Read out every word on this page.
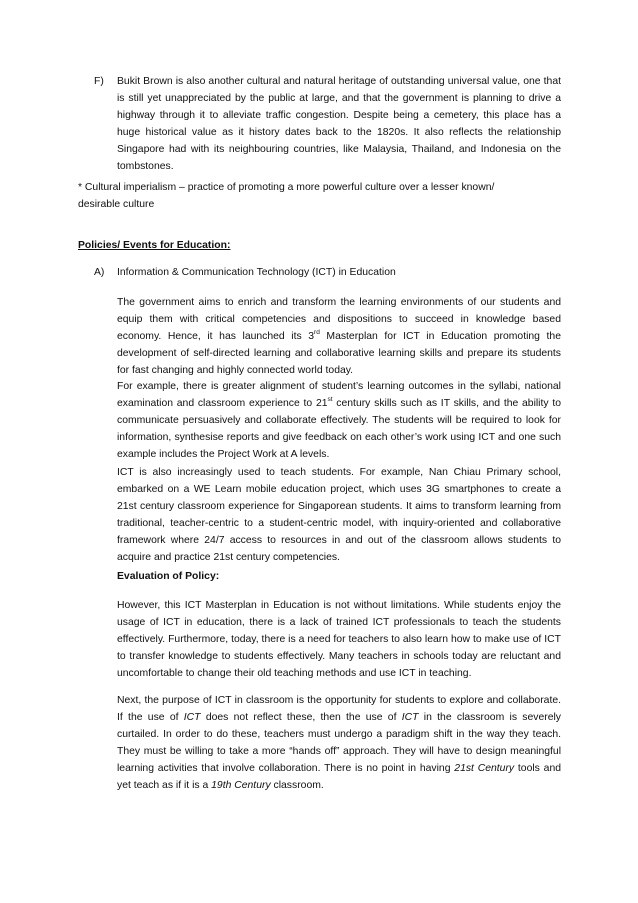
F) Bukit Brown is also another cultural and natural heritage of outstanding universal value, one that is still yet unappreciated by the public at large, and that the government is planning to drive a highway through it to alleviate traffic congestion. Despite being a cemetery, this place has a huge historical value as it history dates back to the 1820s. It also reflects the relationship Singapore had with its neighbouring countries, like Malaysia, Thailand, and Indonesia on the tombstones.

* Cultural imperialism – practice of promoting a more powerful culture over a lesser known/

desirable culture

Policies/ Events for Education:

A) Information & Communication Technology (ICT) in Education

The government aims to enrich and transform the learning environments of our students and equip them with critical competencies and dispositions to succeed in knowledge based economy. Hence, it has launched its 3rd Masterplan for ICT in Education promoting the development of self-directed learning and collaborative learning skills and prepare its students for fast changing and highly connected world today.

For example, there is greater alignment of student’s learning outcomes in the syllabi, national examination and classroom experience to 21st century skills such as IT skills, and the ability to communicate persuasively and collaborate effectively. The students will be required to look for information, synthesise reports and give feedback on each other’s work using ICT and one such example includes the Project Work at A levels.

ICT is also increasingly used to teach students. For example, Nan Chiau Primary school, embarked on a WE Learn mobile education project, which uses 3G smartphones to create a 21st century classroom experience for Singaporean students. It aims to transform learning from traditional, teacher-centric to a student-centric model, with inquiry-oriented and collaborative framework where 24/7 access to resources in and out of the classroom allows students to acquire and practice 21st century competencies.

Evaluation of Policy:

However, this ICT Masterplan in Education is not without limitations. While students enjoy the usage of ICT in education, there is a lack of trained ICT professionals to teach the students effectively. Furthermore, today, there is a need for teachers to also learn how to make use of ICT to transfer knowledge to students effectively. Many teachers in schools today are reluctant and uncomfortable to change their old teaching methods and use ICT in teaching.

Next, the purpose of ICT in classroom is the opportunity for students to explore and collaborate. If the use of ICT does not reflect these, then the use of ICT in the classroom is severely curtailed. In order to do these, teachers must undergo a paradigm shift in the way they teach. They must be willing to take a more “hands off” approach. They will have to design meaningful learning activities that involve collaboration. There is no point in having 21st Century tools and yet teach as if it is a 19th Century classroom.
